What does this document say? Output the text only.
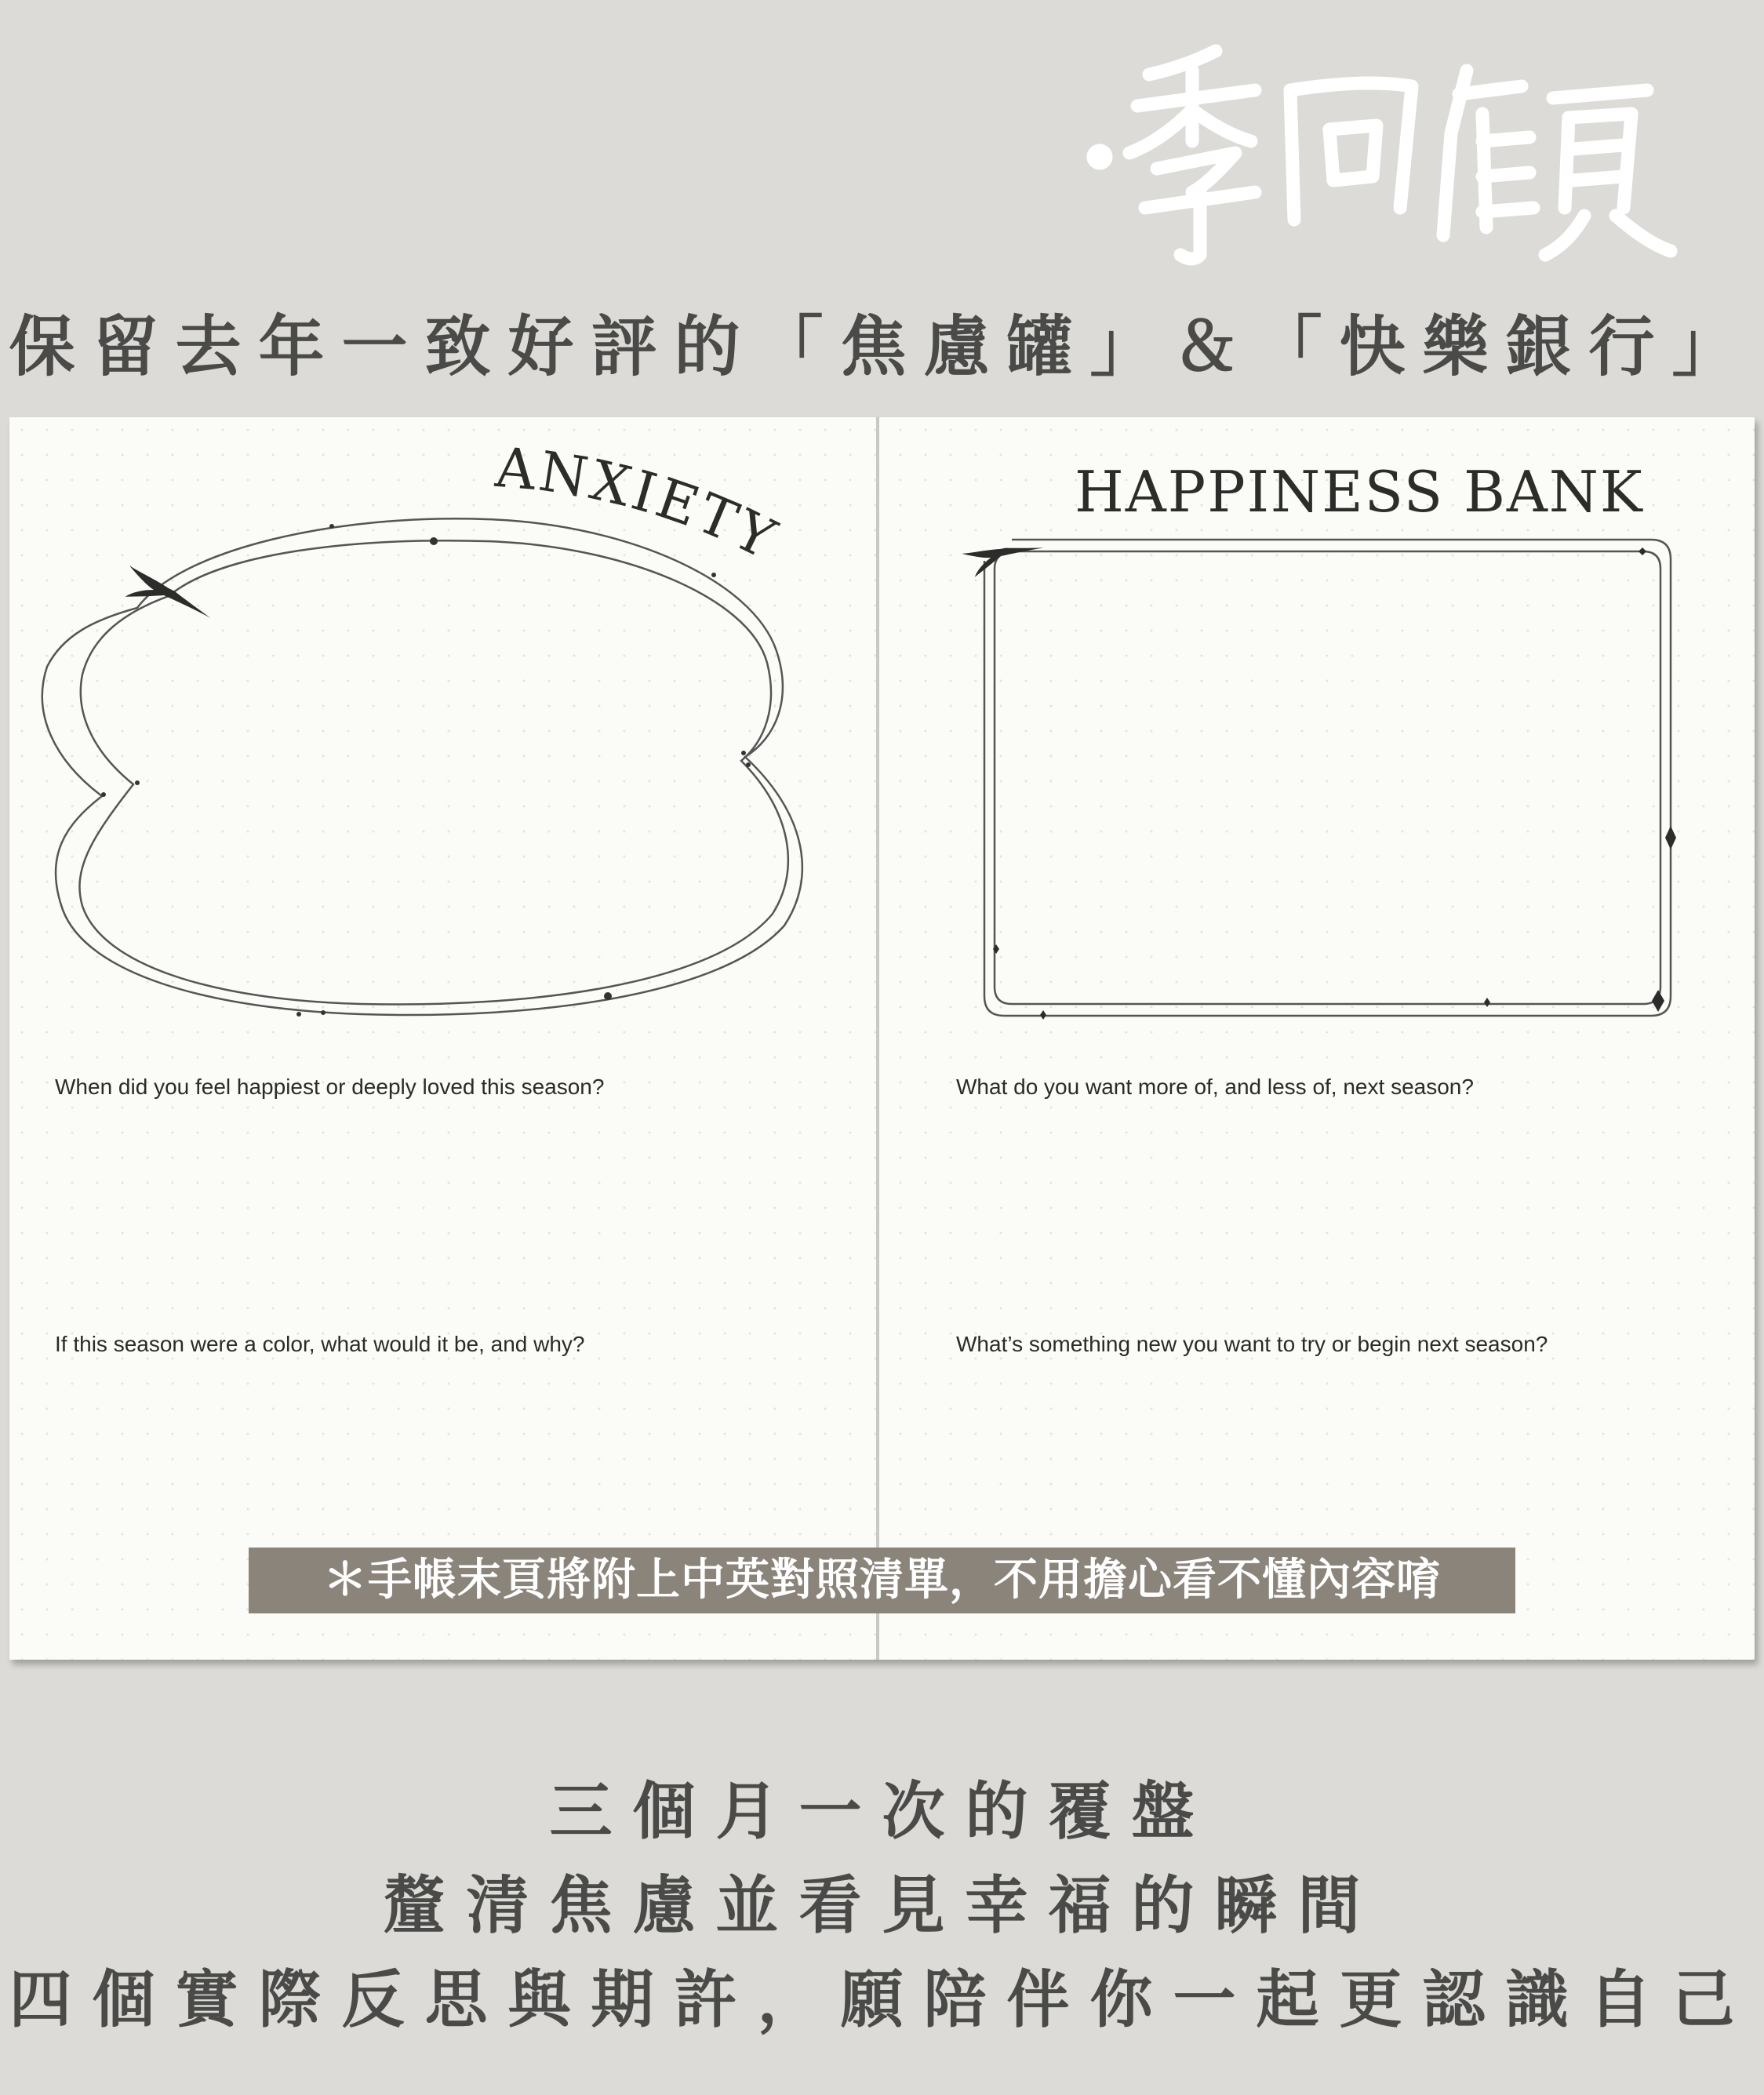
保留去年一致好評的「焦慮罐」＆「快樂銀行」
ANXIETY
HAPPINESS BANK
When did you feel happiest or deeply loved this season?
If this season were a color, what would it be, and why?
What do you want more of, and less of, next season?
What’s something new you want to try or begin next season?
＊手帳末頁將附上中英對照清單，不用擔心看不懂內容唷
三個月一次的覆盤
釐清焦慮並看見幸福的瞬間
四個實際反思與期許，願陪伴你一起更認識自己
